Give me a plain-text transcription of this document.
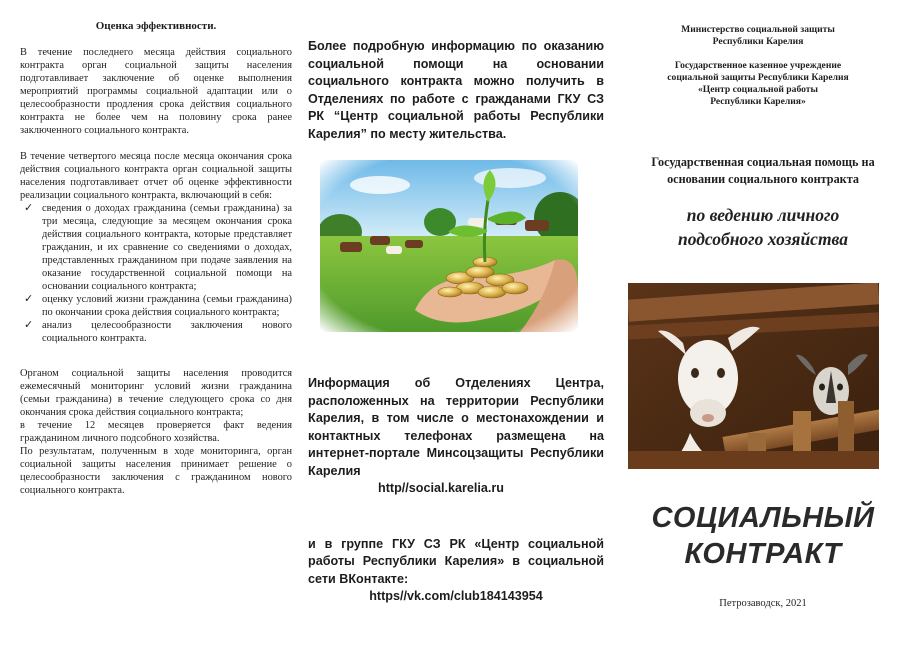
Оценка эффективности.

В течение последнего месяца действия социального контракта орган социальной защиты населения подготавливает заключение об оценке выполнения мероприятий программы социальной адаптации или о целесообразности продления срока действия социального контракта не более чем на половину срока ранее заключенного социального контракта.

В течение четвертого месяца после месяца окончания срока действия социального контракта орган социальной защиты населения подготавливает отчет об оценке эффективности реализации социального контракта, включающий в себя:

✓ сведения о доходах гражданина (семьи гражданина) за три месяца, следующие за месяцем окончания срока действия социального контракта, которые представляет гражданин, и их сравнение со сведениями о доходах, представленных гражданином при подаче заявления на оказание государственной социальной помощи на основании социального контракта;
✓ оценку условий жизни гражданина (семьи гражданина) по окончании срока действия социального контракта;
✓ анализ целесообразности заключения нового социального контракта.

Органом социальной защиты населения проводится ежемесячный мониторинг условий жизни гражданина (семьи гражданина) в течение следующего срока со дня окончания срока действия социального контракта;

в течение 12 месяцев проверяется факт ведения гражданином личного подсобного хозяйства.

По результатам, полученным в ходе мониторинга, орган социальной защиты населения принимает решение о целесообразности заключения с гражданином нового социального контракта.

Более подробную информацию по оказанию социальной помощи на основании социального контракта можно получить в Отделениях по работе с гражданами ГКУ СЗ РК “Центр социальной работы Республики Карелия” по месту жительства.

Информация об Отделениях Центра, расположенных на территории Республики Карелия, в том числе о местонахождении и контактных телефонах размещена на интернет-портале Минсоцзащиты Республики Карелия

http//social.karelia.ru

и в группе ГКУ СЗ РК «Центр социальной работы Республики Карелия» в социальной сети ВКонтакте:

https//vk.com/club184143954

Министерство социальной защиты

Республики Карелия

Государственное казенное учреждение

социальной защиты Республики Карелия

«Центр социальной работы

Республики Карелия»

Государственная социальная помощь на
основании социального контракта
по ведению личного
подсобного хозяйства
СОЦИАЛЬНЫЙ
КОНТРАКТ
Петрозаводск, 2021
